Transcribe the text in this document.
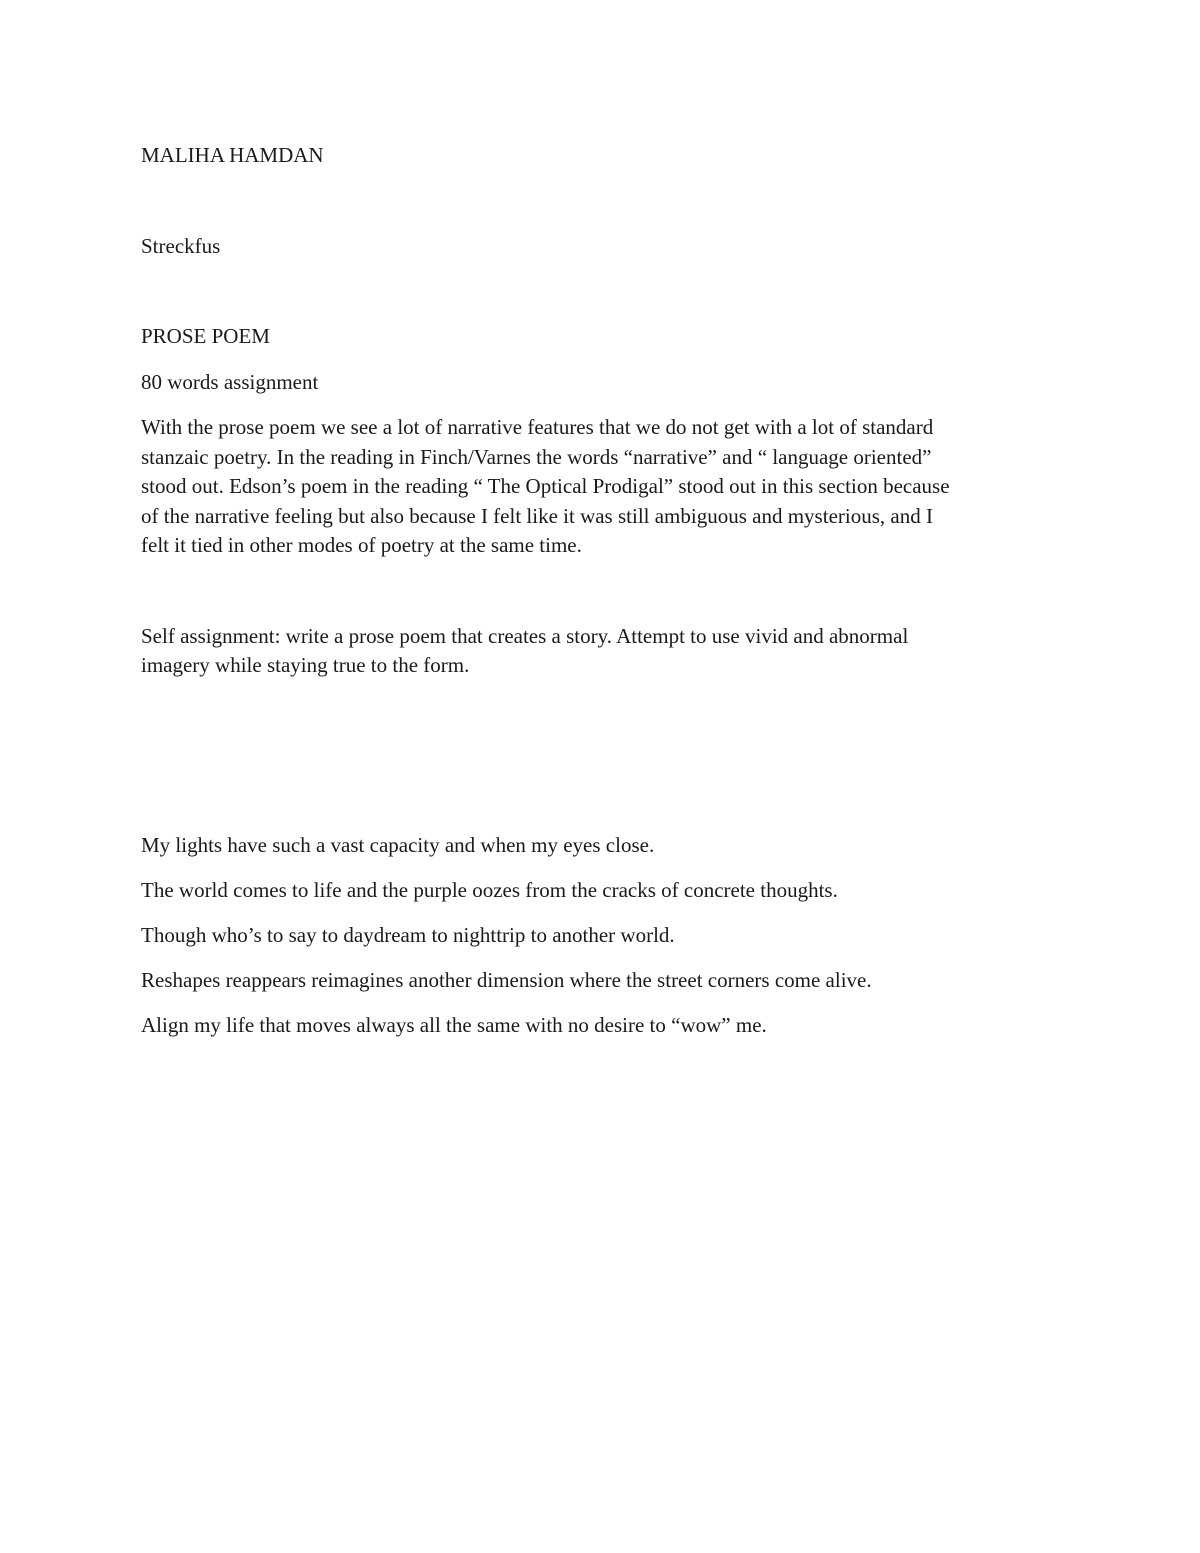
MALIHA HAMDAN

Streckfus

PROSE POEM

80 words assignment

With the prose poem we see a lot of narrative features that we do not get with a lot of standard

stanzaic poetry. In the reading in Finch/Varnes the words “narrative” and “ language oriented”

stood out. Edson’s poem in the reading “ The Optical Prodigal” stood out in this section because

of the narrative feeling but also because I felt like it was still ambiguous and mysterious, and I

felt it tied in other modes of poetry at the same time.

Self assignment: write a prose poem that creates a story. Attempt to use vivid and abnormal

imagery while staying true to the form.

My lights have such a vast capacity and when my eyes close.

The world comes to life and the purple oozes from the cracks of concrete thoughts.

Though who’s to say to daydream to nighttrip to another world.

Reshapes reappears reimagines another dimension where the street corners come alive.

Align my life that moves always all the same with no desire to “wow” me.
